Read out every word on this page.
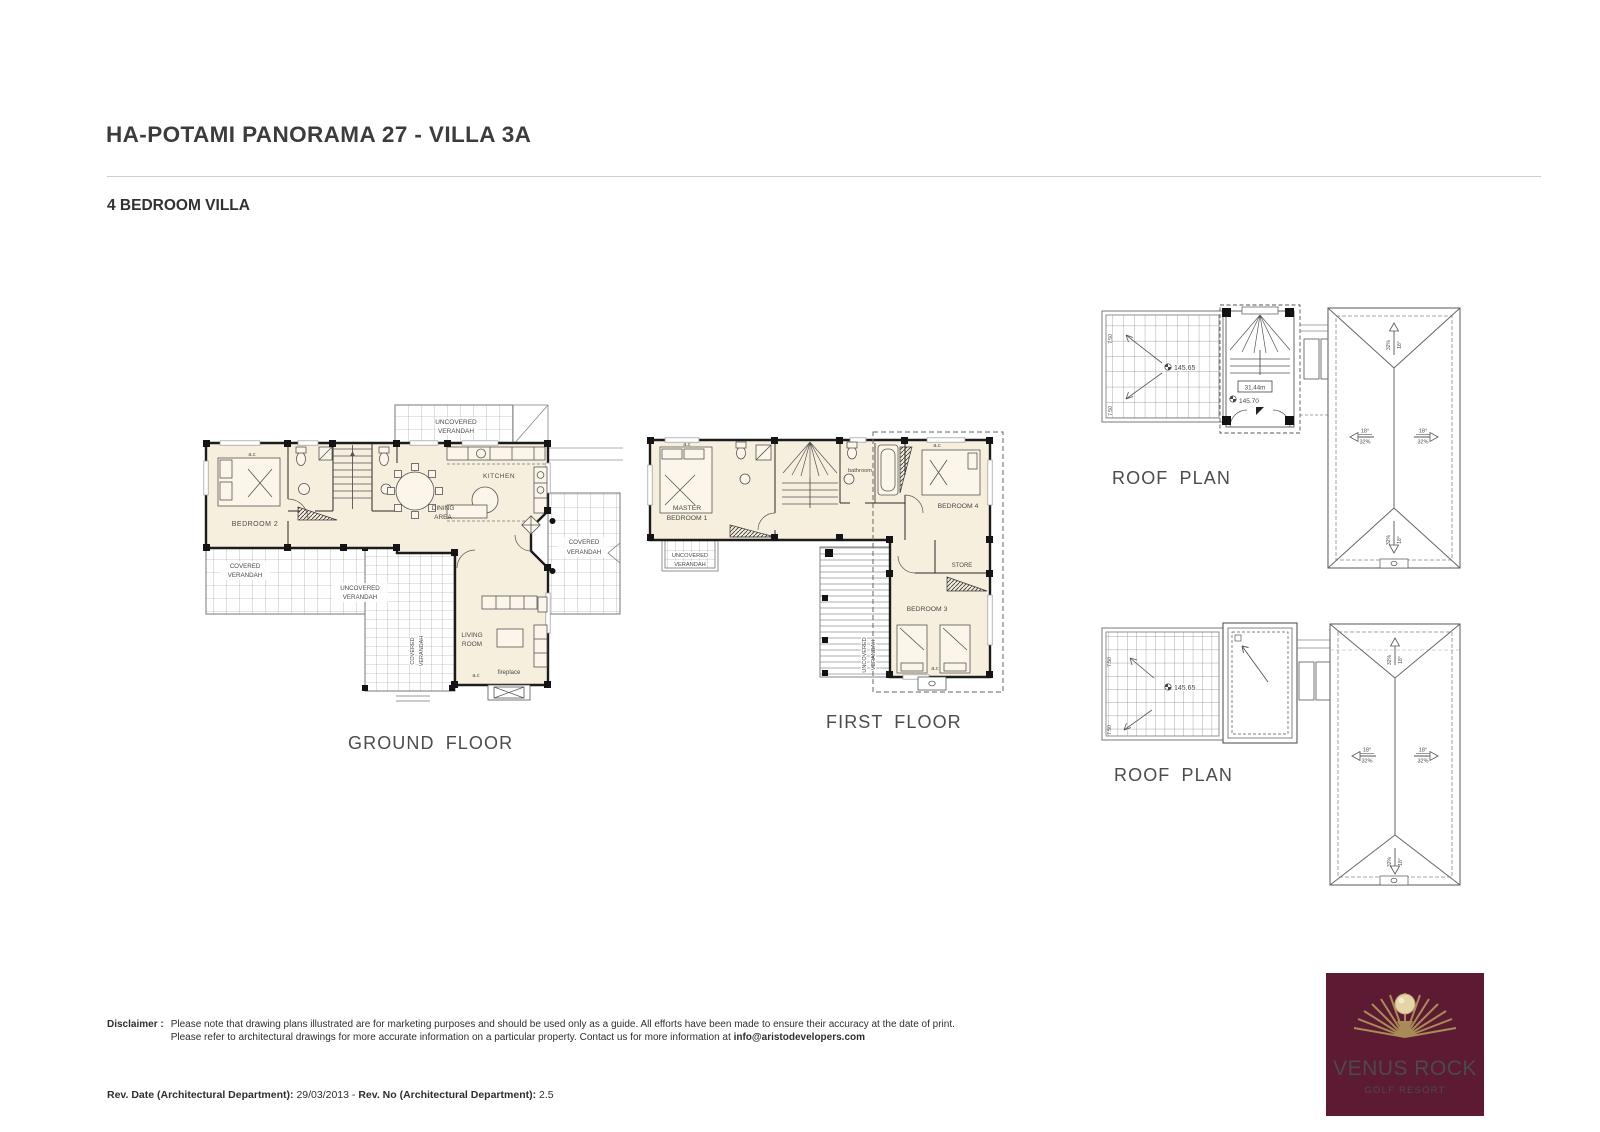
HA-POTAMI PANORAMA 27 - VILLA 3A
4 BEDROOM VILLA
UNCOVERED
VERANDAH
COVERED
VERANDAH
COVERED
VERANDAH
UNCOVERED
VERANDAH
COVERED VERANDAH
a.c
BEDROOM 2
DINING
AREA
KITCHEN
LIVING
ROOM
fireplace
a.c
UNCOVERED VERANDAH
UNCOVERED
VERANDAH
a.c
MASTER
BEDROOM 1
bathroom
a.c
BEDROOM 4
STORE
BEDROOM 3
a.c
7.50
7.50
145.65
31.44m
145.70
32% 18°
32% 18°
18°
32%
18°
32%
7.50
7.50
145.65
32% 18°
32% 18°
18°
32%
18°
32%
GROUND FLOOR
FIRST FLOOR
ROOF PLAN
ROOF PLAN
Disclaimer : Please note that drawing plans illustrated are for marketing purposes and should be used only as a guide. All efforts have been made to ensure their accuracy at the date of print.
Please refer to architectural drawings for more accurate information on a particular property. Contact us for more information at info@aristodevelopers.com
Rev. Date (Architectural Department): 29/03/2013 - Rev. No (Architectural Department): 2.5
VENUS ROCK
GOLF RESORT
